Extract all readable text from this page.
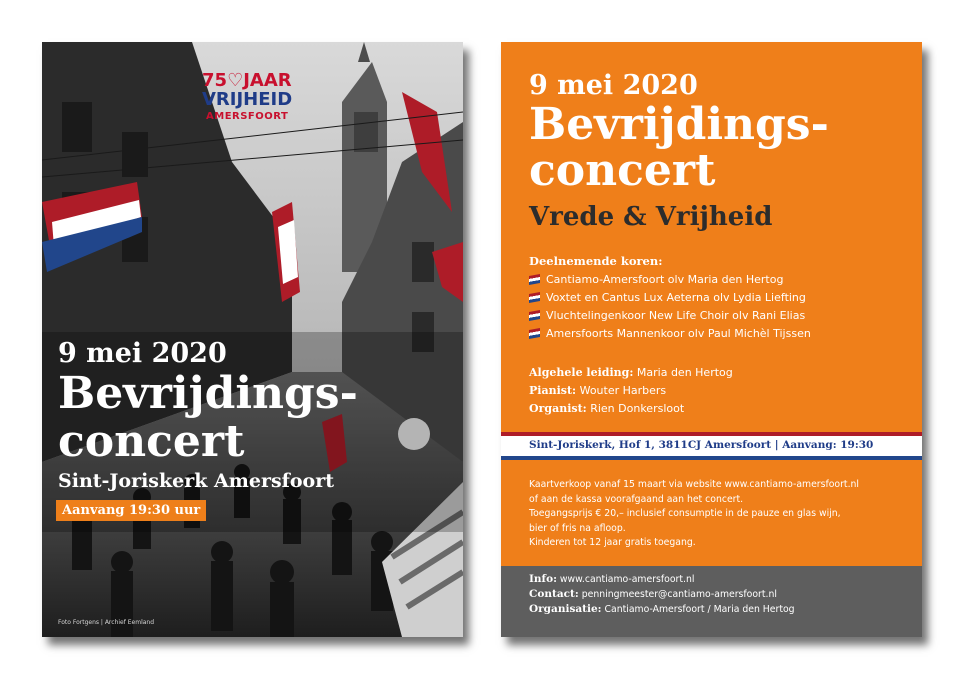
75♡JAAR
VRIJHEID
AMERSFOORT
9 mei 2020
Bevrijdings-
concert
Sint-Joriskerk Amersfoort
Aanvang 19:30 uur
Foto Fortgens | Archief Eemland
9 mei 2020
Bevrijdings-
concert
Vrede & Vrijheid
Deelnemende koren:
Cantiamo-Amersfoort olv Maria den Hertog
Voxtet en Cantus Lux Aeterna olv Lydia Liefting
Vluchtelingenkoor New Life Choir olv Rani Elias
Amersfoorts Mannenkoor olv Paul Michèl Tijssen
Algehele leiding: Maria den Hertog
Pianist: Wouter Harbers
Organist: Rien Donkersloot
Sint-Joriskerk, Hof 1, 3811CJ Amersfoort | Aanvang: 19:30
Kaartverkoop vanaf 15 maart via website www.cantiamo-amersfoort.nl
of aan de kassa voorafgaand aan het concert.
Toegangsprijs € 20,– inclusief consumptie in de pauze en glas wijn,
bier of fris na afloop.
Kinderen tot 12 jaar gratis toegang.
Info: www.cantiamo-amersfoort.nl
Contact: penningmeester@cantiamo-amersfoort.nl
Organisatie: Cantiamo-Amersfoort / Maria den Hertog
